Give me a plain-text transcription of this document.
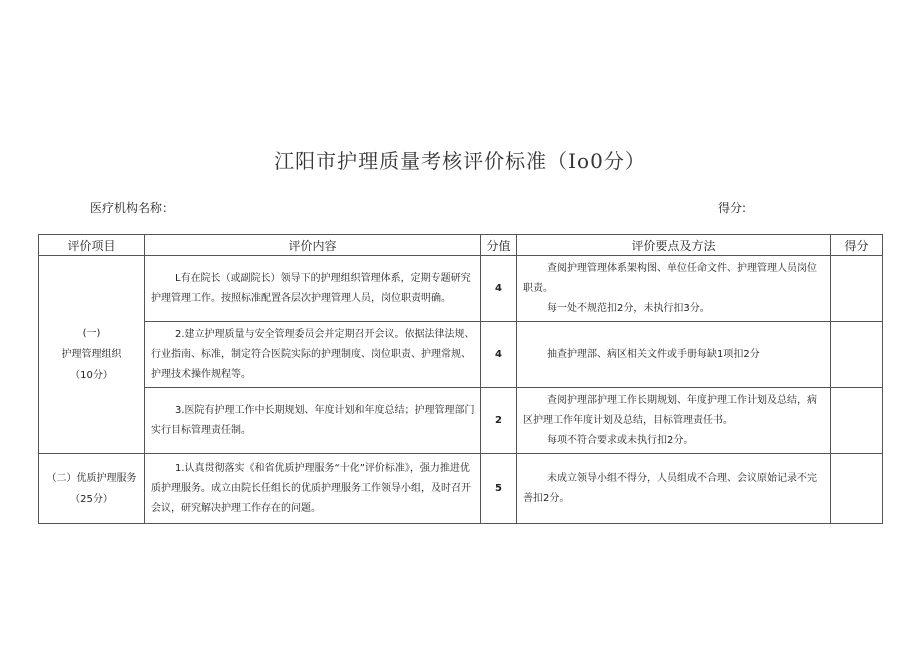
江阳市护理质量考核评价标准（Io0分）
医疗机构名称：	得分:
评价项目	评价内容	分值	评价要点及方法	得分

(一)
护理管理组织
（10分）	L有在院长（或副院长）领导下的护理组织管理体系，定期专题研究护理管理工作。按照标准配置各层次护理管理人员，岗位职责明确。	4	查阅护理管理体系架构图、单位任命文件、护理管理人员岗位职责。
每一处不规范扣2分，未执行扣3分。	

	2.建立护理质量与安全管理委员会并定期召开会议。依据法律法规、行业指南、标准，制定符合医院实际的护理制度、岗位职责、护理常规、护理技术操作规程等。	4	抽查护理部、病区相关文件或手册每缺1项扣2分	

	3.医院有护理工作中长期规划、年度计划和年度总结；护理管理部门实行目标管理责任制。	2	查阅护理部护理工作长期规划、年度护理工作计划及总结，病区护理工作年度计划及总结，目标管理责任书。
每项不符合要求或未执行扣2分。	

（二）优质护理服务
（25分）	1.认真贯彻落实《和省优质护理服务“十化”评价标准》，强力推进优质护理服务。成立由院长任组长的优质护理服务工作领导小组，及时召开会议，研究解决护理工作存在的问题。	5	未成立领导小组不得分，人员组成不合理、会议原始记录不完善扣2分。	
